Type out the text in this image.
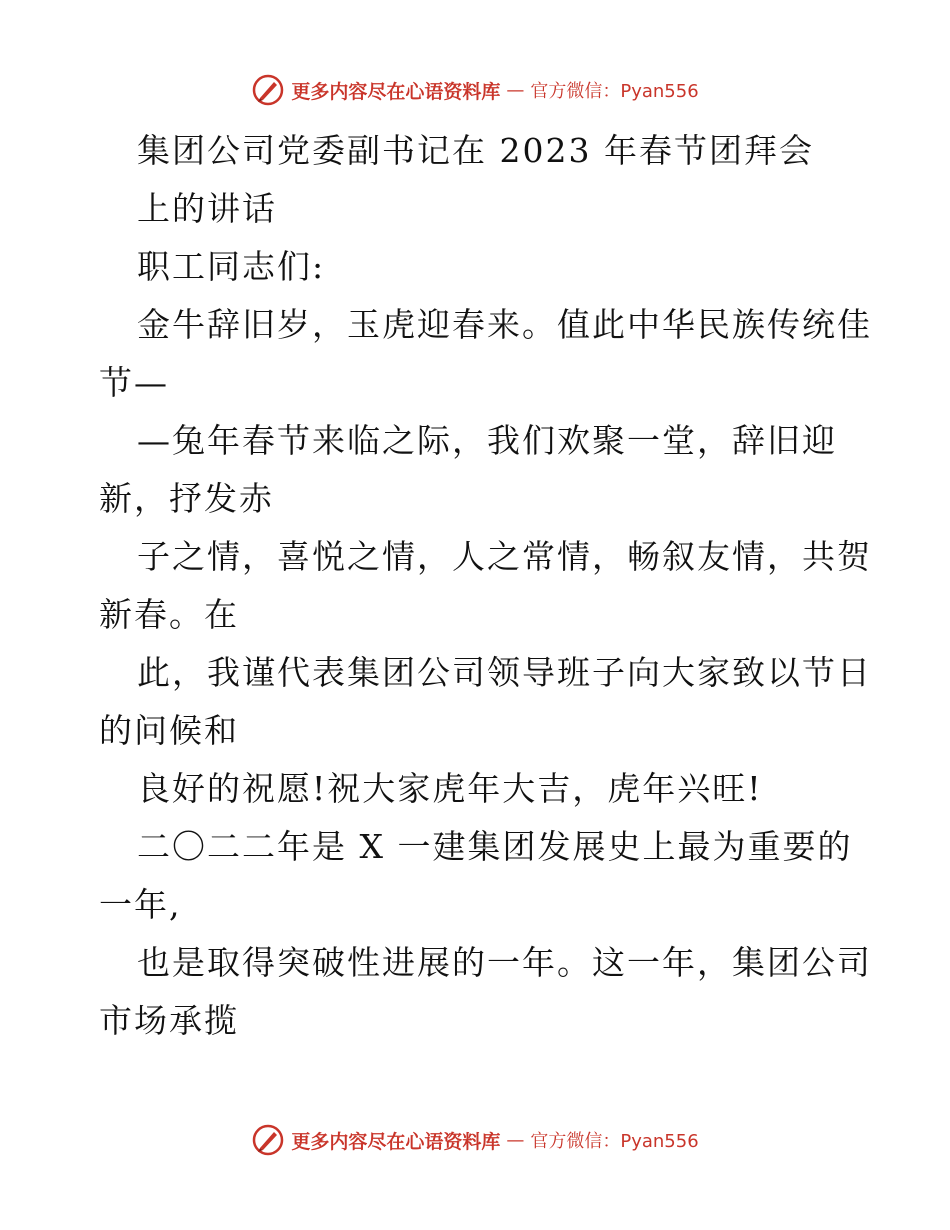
更多内容尽在心语资料库 — 官方微信：Pyan556
集团公司党委副书记在 2023 年春节团拜会
上的讲话
职工同志们:
金牛辞旧岁，玉虎迎春来。值此中华民族传统佳
节—
—兔年春节来临之际，我们欢聚一堂，辞旧迎
新，抒发赤
子之情，喜悦之情，人之常情，畅叙友情，共贺
新春。在
此，我谨代表集团公司领导班子向大家致以节日
的问候和
良好的祝愿!祝大家虎年大吉，虎年兴旺!
二〇二二年是 X 一建集团发展史上最为重要的
一年,
也是取得突破性进展的一年。这一年，集团公司
市场承揽
更多内容尽在心语资料库 — 官方微信：Pyan556
